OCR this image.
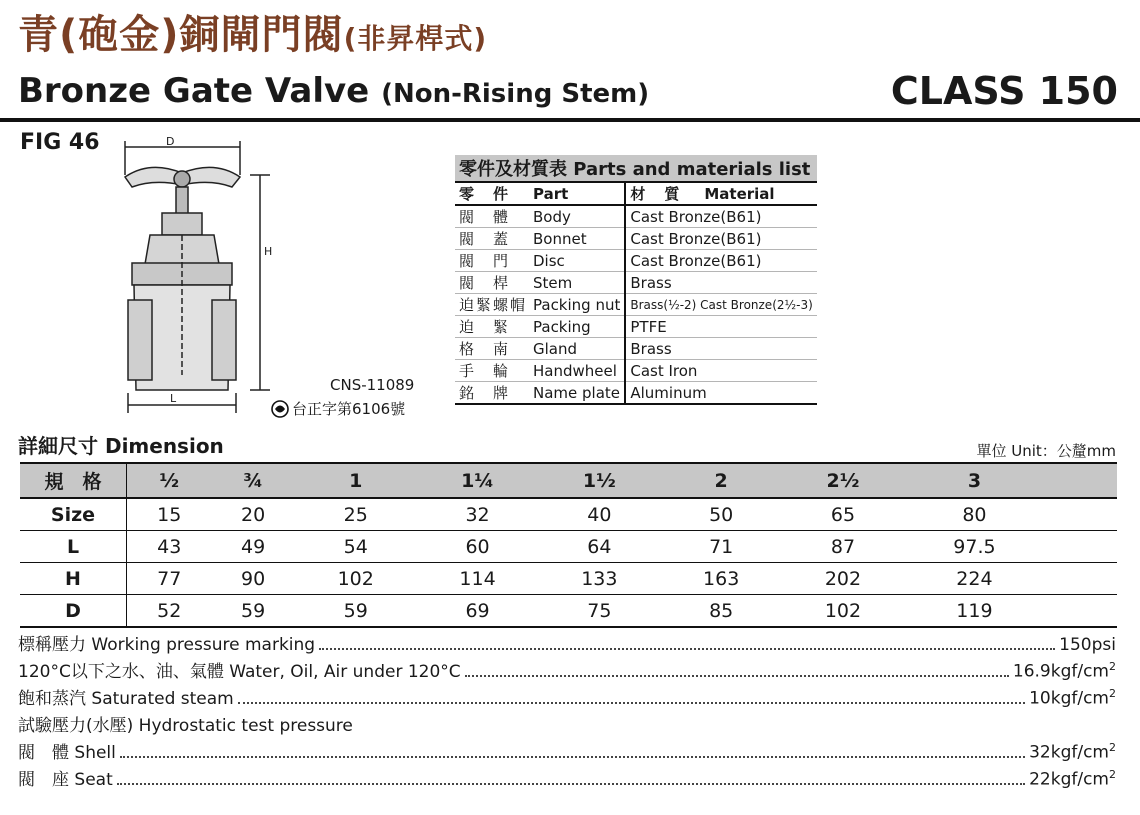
青(砲金)銅閘門閥(非昇桿式)
Bronze Gate Valve (Non-Rising Stem)	CLASS 150
FIG 46	D
H
L
CNS-11089
台正字第6106號
零件及材質表 Parts and materials list	
零　件 Part	材　質 Material
閥　體 Body	Cast Bronze(B61)
閥　蓋 Bonnet	Cast Bronze(B61)
閥　門 Disc	Cast Bronze(B61)
閥　桿 Stem	Brass
迫緊螺帽 Packing nut	Brass(½-2) Cast Bronze(2½-3)
迫　緊 Packing	PTFE
格　南 Gland	Brass
手　輪 Handwheel	Cast Iron
銘　牌 Name plate	Aluminum
詳細尺寸 Dimension	單位 Unit：公釐mm
規　格	½	¾	1	1¼	1½	2	2½	3	
Size	15	20	25	32	40	50	65	80	
L	43	49	54	60	64	71	87	97.5	
H	77	90	102	114	133	163	202	224	
D	52	59	59	69	75	85	102	119	
標稱壓力 Working pressure marking	150psi
120°C以下之水、油、氣體 Water, Oil, Air under 120°C	$16.9kgf/cm^2$
飽和蒸汽 Saturated steam	$10kgf/cm^2$
試驗壓力(水壓) Hydrostatic test pressure
閥　體 Shell	$32kgf/cm^2$
閥　座 Seat	$22kgf/cm^2$
